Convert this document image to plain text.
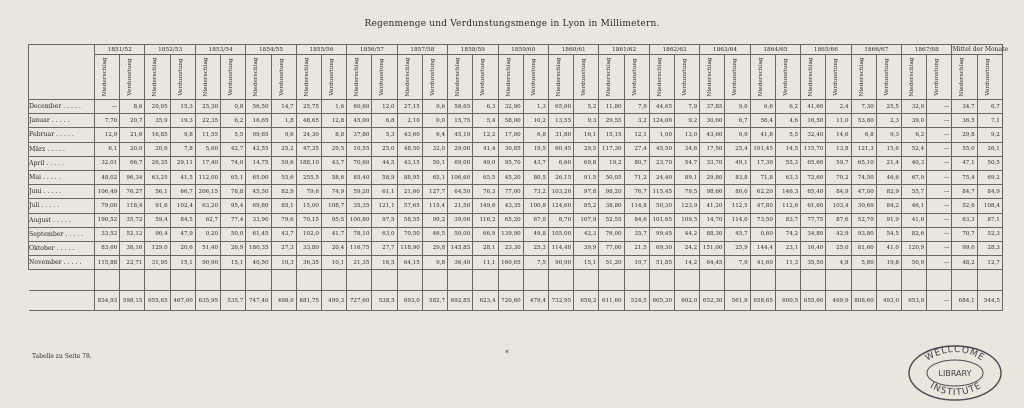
Regenmenge und Verdunstungsmenge in Lyon in Millimetern.
	1851/52		1852/53		1853/54		1854/55		1855/56		1856/57		1857/58		1858/59		1859/60		1860/61		1861/62		1862/63		1863/64		1864/65		1865/66		1866/67		1867/68		Mittel der Monate	

	Niederschlag	Verdunstung	Niederschlag	Verdunstung	Niederschlag	Verdunstung	Niederschlag	Verdunstung	Niederschlag	Verdunstung	Niederschlag	Verdunstung	Niederschlag	Verdunstung	Niederschlag	Verdunstung	Niederschlag	Verdunstung	Niederschlag	Verdunstung	Niederschlag	Verdunstung	Niederschlag	Verdunstung	Niederschlag	Verdunstung	Niederschlag	Verdunstung	Niederschlag	Verdunstung	Niederschlag	Verdunstung	Niederschlag	Verdunstung	Niederschlag	Verdunstung

December . . . . .	—	8,6	20,05	15,3	25,30	0,8	56,50	14,7	25,75	1,6	60,60	12,0	27,15	9,6	58,65	6,3	32,90	1,3	65,00	5,2	11,80	7,9	44,65	7,9	37,85	9,0	6,6	6,2	41,60	2,4	7,30	25,5	32,9	—	34,7	6,7
Januar . . . . .	7,70	20,7	35,9	19,3	22,35	6,2	16,65	1,8	48,65	12,8	45,00	6,8	2,10	0,0	15,75	5,4	58,00	10,2	13,55	9,3	29,55	3,2	124,00	9,2	30,60	6,7	56,4	4,6	16,50	11,0	53,80	2,3	39,0	—	36,5	7,1
Februar . . . . .	12,9	21,6	16,85	9,8	11,55	5,5	99,65	9,6	24,30	8,8	37,80	5,3	43,60	6,4	45,10	12,2	17,00	6,8	31,80	16,1	15,15	12,1	1,00	13,0	43,60	0,9	41,8	5,5	32,40	14,6	6,8	9,3	6,2	—	29,8	9,2
März . . . . .	6,1	20,0	20,6	7,8	5,60	42,7	42,55	25,2	47,35	29,5	10,55	25,0	48,50	32,0	29,00	41,4	30,85	19,5	60,45	29,5	117,30	27,4	45,50	34,6	17,50	25,4	101,45	14,5	115,70	13,8	121,3	15,6	52,4	—	55,0	26,1
April . . . . .	32,01	66,7	26,35	29,11	17,40	74,0	14,75	59,6	188,10	43,7	70,60	44,5	43,15	50,1	69,00	49,0	95,70	43,7	6,60	69,8	19,2	80,7	23,70	54,7	33,70	49,1	17,30	55,3	65,60	59,7	65,10	21,4	40,3	—	47,1	50,5
Mai . . . . .	48,02	96,34	63,25	41,5	112,00	65,1	65,00	55,6	255,5	58,6	85,40	58,9	88,95	65,1	106,60	65,5	45,20	80,5	26,15	91,5	50,05	71,2	24,40	89,1	29,80	83,8	71,8	63,3	72,60	70,2	74,50	46,6	67,9	—	75,4	69,2
Juni . . . . .	106,49	76,27	56,1	66,7	206,15	78,8	45,30	82,9	79,6	74,9	59,20	61,1	21,60	127,7	64,50	76,3	77,00	73,2	103,20	97,8	98,20	76,7	115,45	79,5	98,60	80,0	62,20	146,3	65,40	84,9	47,00	82,9	55,7	—	84,7	84,9
Juli . . . . .	79,00	118,4	91,6	102,4	63,20	95,4	69,80	85,1	15,00	108,7	35,35	121,1	57,65	115,4	21,50	149,6	43,35	100,8	124,60	85,2	38,80	114,8	50,30	123,9	41,20	112,5	47,80	112,6	61,60	103,4	30,60	84,2	46,1	—	52,6	108,4
August . . . . .	190,52	35,72	59,4	84,5	62,7	77,4	33,90	79,6	70,15	95,5	100,80	97,5	58,55	99,2	39,00	116,2	65,20	67,0	8,70	107,9	52,55	84,6	101,65	109,5	14,70	114,0	73,50	83,7	77,75	87,6	52,70	91,9	41,0	—	63,3	87,1
September . . . . .	33,52	52,12	90,4	47,9	0,20	50,0	61,45	43,7	102,0	41,7	78,10	63,0	70,50	46,5	50,00	66,9	139,90	49,8	105,00	42,3	76,00	35,7	99,45	44,2	88,30	45,7	0,60	74,2	34,80	42,9	93,80	54,5	82,6	—	70,7	52,3
Oktober . . . . .	83,60	36,16	129,0	20,6	51,40	26,9	180,35	27,3	33,80	20,4	116,75	27,7	118,90	29,8	145,85	28,1	23,30	25,3	114,40	39,9	77,00	21,5	69,30	24,2	151,00	25,9	144,4	23,1	16,40	25,0	81,60	41,0	120,9	—	99,0	28,3
November . . . . .	115,88	22,71	31,95	15,1	90,90	15,1	40,50	10,3	36,35	10,1	21,35	16,5	64,15	9,8	36,40	11,1	160,65	7,5	90,90	15,1	51,20	10,7	51,85	14,2	64,45	7,9	41,60	11,3	35,50	4,8	5,80	19,8	50,9	—	48,2	12,7

	834,93	598,15	655,65	467,00	635,95	535,7	747,40	498,6	881,75	499,3	727,60	538,5	693,0	582,7	692,85	623,4	720,60	479,4	732,95	659,2	611,60	524,5	605,30	602,0	652,30	561,9	658,65	600,5	655,60	469,9	808,60	493,0	653,9	—	684,1	544,5
Tabelle zu Seite 78.	*	WELLCOME
LIBRARY
INSTITUTE
